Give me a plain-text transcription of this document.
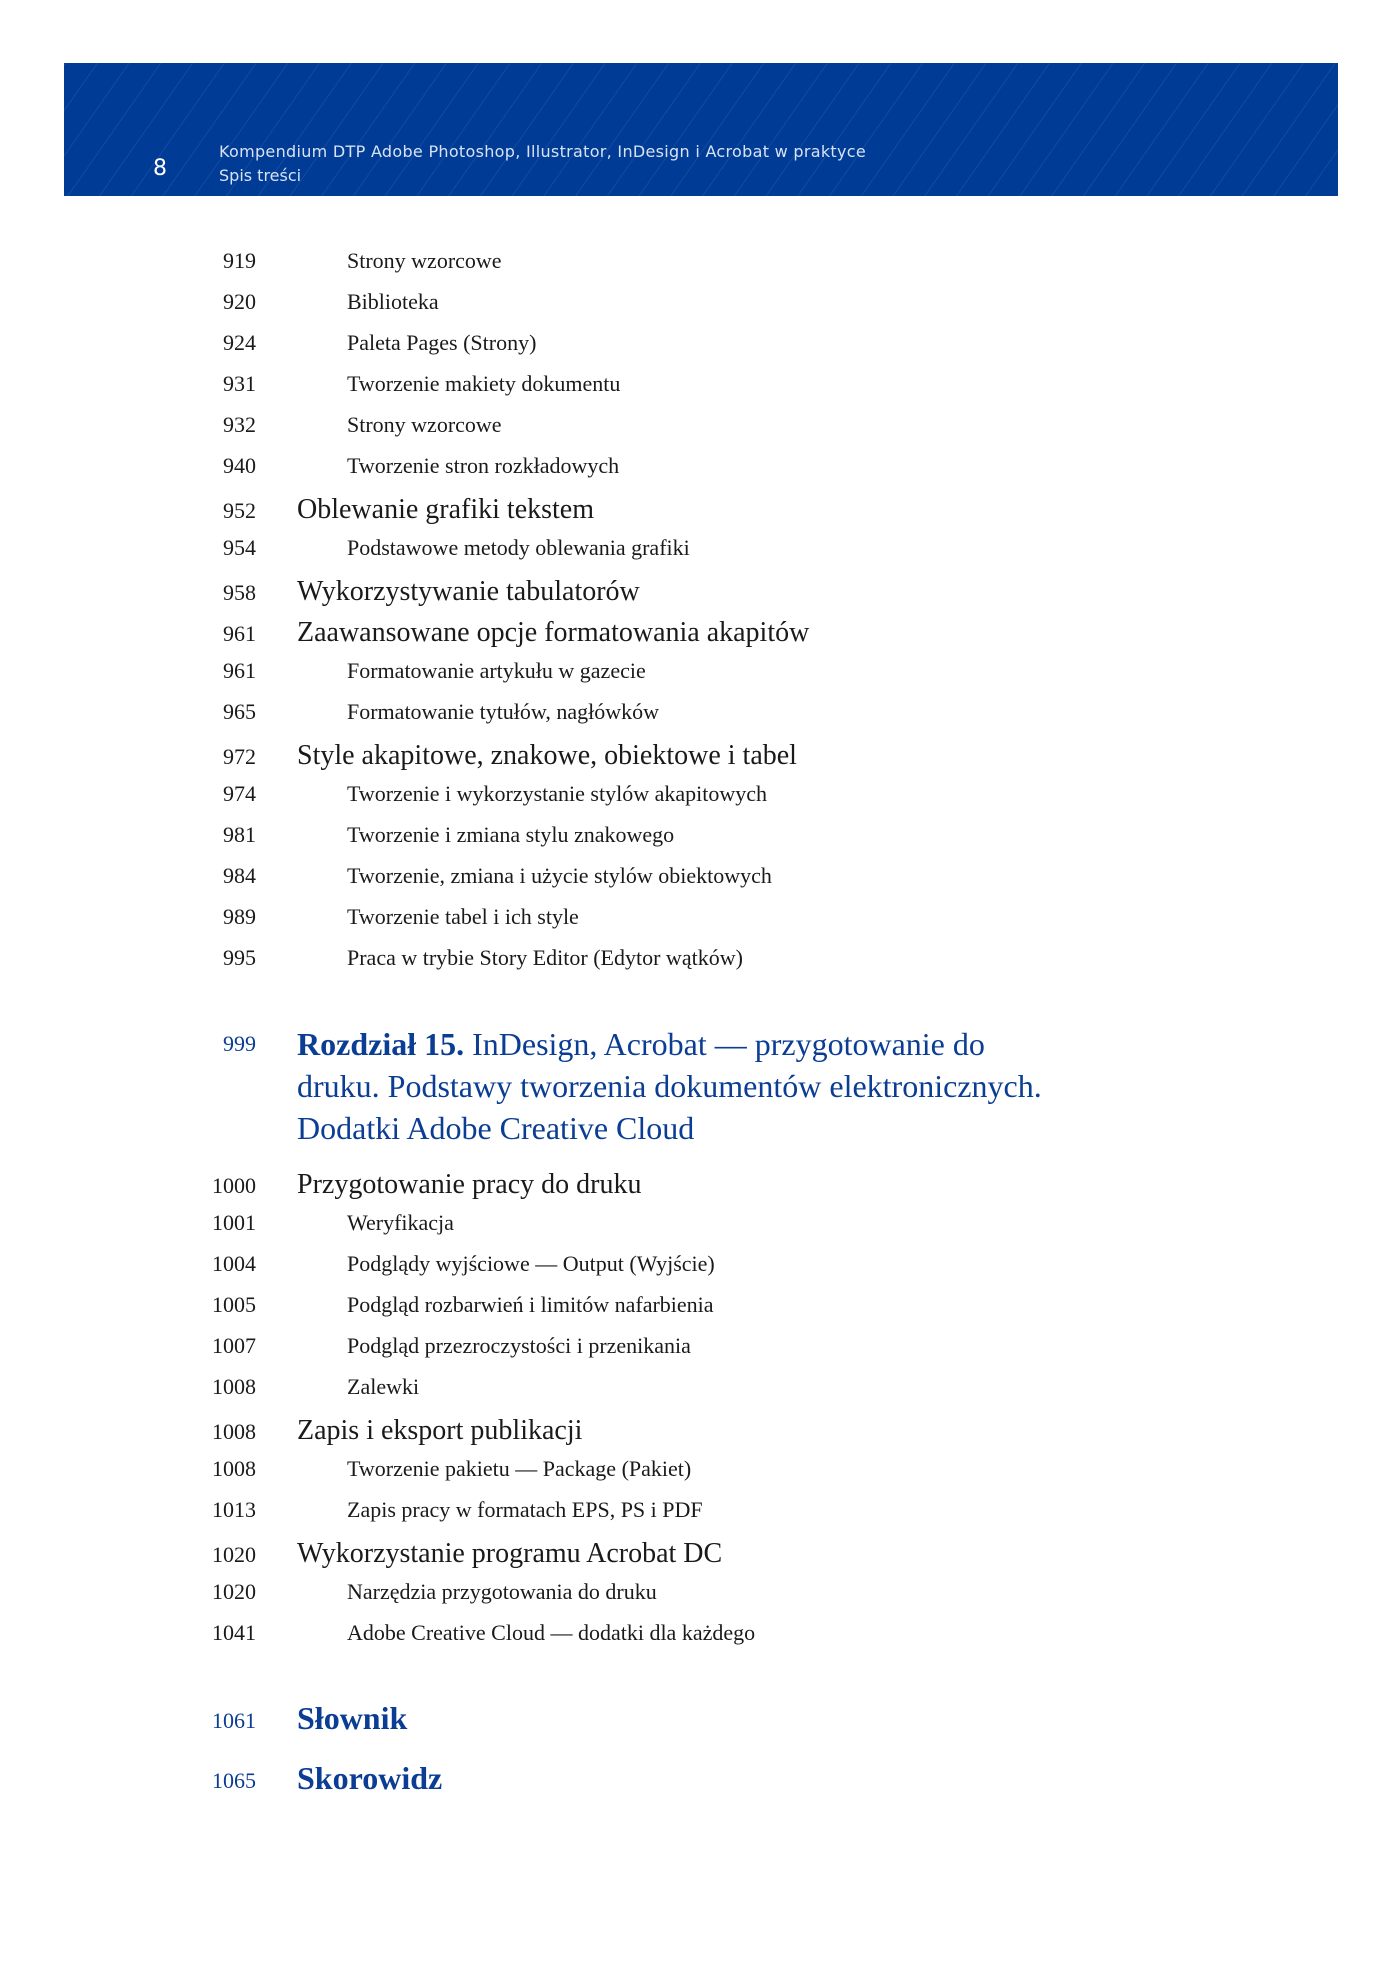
8
Kompendium DTP Adobe Photoshop, Illustrator, InDesign i Acrobat w praktyce
Spis treści
919	Strony wzorcowe
920	Biblioteka
924	Paleta Pages (Strony)
931	Tworzenie makiety dokumentu
932	Strony wzorcowe
940	Tworzenie stron rozkładowych
952 Oblewanie grafiki tekstem
954	Podstawowe metody oblewania grafiki
958 Wykorzystywanie tabulatorów
961 Zaawansowane opcje formatowania akapitów
961	Formatowanie artykułu w gazecie
965	Formatowanie tytułów, nagłówków
972 Style akapitowe, znakowe, obiektowe i tabel
974	Tworzenie i wykorzystanie stylów akapitowych
981	Tworzenie i zmiana stylu znakowego
984	Tworzenie, zmiana i użycie stylów obiektowych
989	Tworzenie tabel i ich style
995	Praca w trybie Story Editor (Edytor wątków)
999 Rozdział 15. InDesign, Acrobat — przygotowanie do druku. Podstawy tworzenia dokumentów elektronicznych. Dodatki Adobe Creative Cloud
1000 Przygotowanie pracy do druku
1001	Weryfikacja
1004	Podglądy wyjściowe — Output (Wyjście)
1005	Podgląd rozbarwień i limitów nafarbienia
1007	Podgląd przezroczystości i przenikania
1008	Zalewki
1008 Zapis i eksport publikacji
1008	Tworzenie pakietu — Package (Pakiet)
1013	Zapis pracy w formatach EPS, PS i PDF
1020 Wykorzystanie programu Acrobat DC
1020	Narzędzia przygotowania do druku
1041	Adobe Creative Cloud — dodatki dla każdego
1061 Słownik
1065 Skorowidz
